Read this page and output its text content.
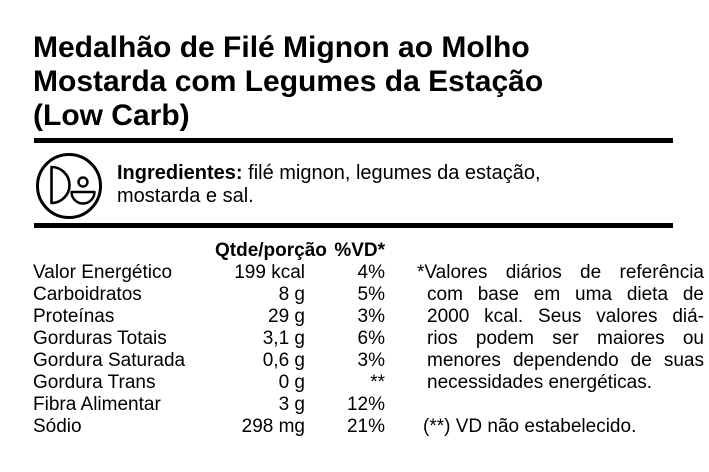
Medalhão de Filé Mignon ao Molho
Mostarda com Legumes da Estação
(Low Carb)
Ingredientes: filé mignon, legumes da estação, mostarda e sal.
Qtde/porção %VD*
Valor Energético	199 kcal	4%
Carboidratos	8 g	5%
Proteínas	29 g	3%
Gorduras Totais	3,1 g	6%
Gordura Saturada	0,6 g	3%
Gordura Trans	0 g	**
Fibra Alimentar	3 g	12%
Sódio	298 mg	21%
*Valores diários de referência
com base em uma dieta de
2000 kcal. Seus valores diá-
rios podem ser maiores ou
menores dependendo de suas
necessidades energéticas.
(**) VD não estabelecido.
